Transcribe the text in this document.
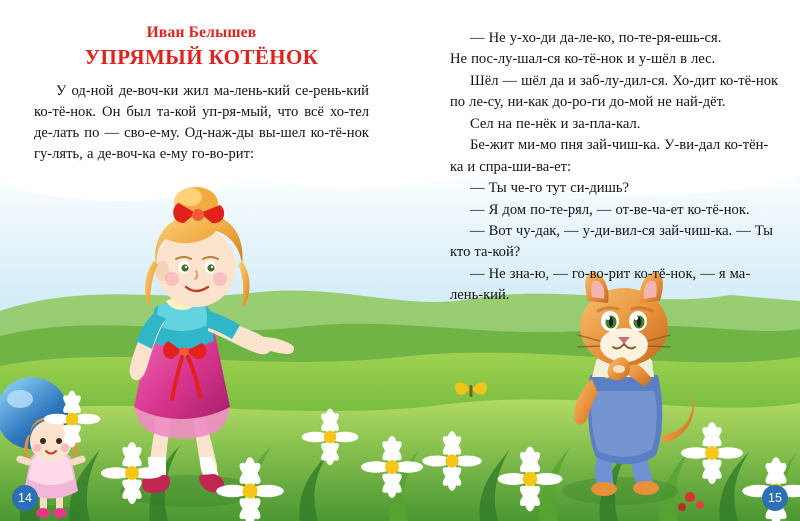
Иван Белышев
УПРЯМЫЙ КОТЁНОК

У од-ной де-воч-ки жил ма-лень-кий се-рень-кий ко-тё-нок. Он был та-кой уп-ря-мый, что всё хо-тел де-лать по — сво-е-му. Од-наж-ды вы-шел ко-тё-нок гу-лять, а де-воч-ка е-му го-во-рит:

14

— Не у-хо-ди да-ле-ко, по-те-ря-ешь-ся.

Не пос-лу-шал-ся ко-тё-нок и у-шёл в лес.

Шёл — шёл да и заб-лу-дил-ся. Хо-дит ко-тё-нок по ле-су, ни-как до-ро-ги до-мой не най-дёт.

Сел на пе-нёк и за-пла-кал.

Бе-жит ми-мо пня зай-чиш-ка. У-ви-дал ко-тён-ка и спра-ши-ва-ет:

— Ты че-го тут си-дишь?

— Я дом по-те-рял, — от-ве-ча-ет ко-тё-нок.

— Вот чу-дак, — у-ди-вил-ся зай-чиш-ка. — Ты кто та-кой?

— Не зна-ю, — го-во-рит ко-тё-нок, — я ма-лень-кий.

15
